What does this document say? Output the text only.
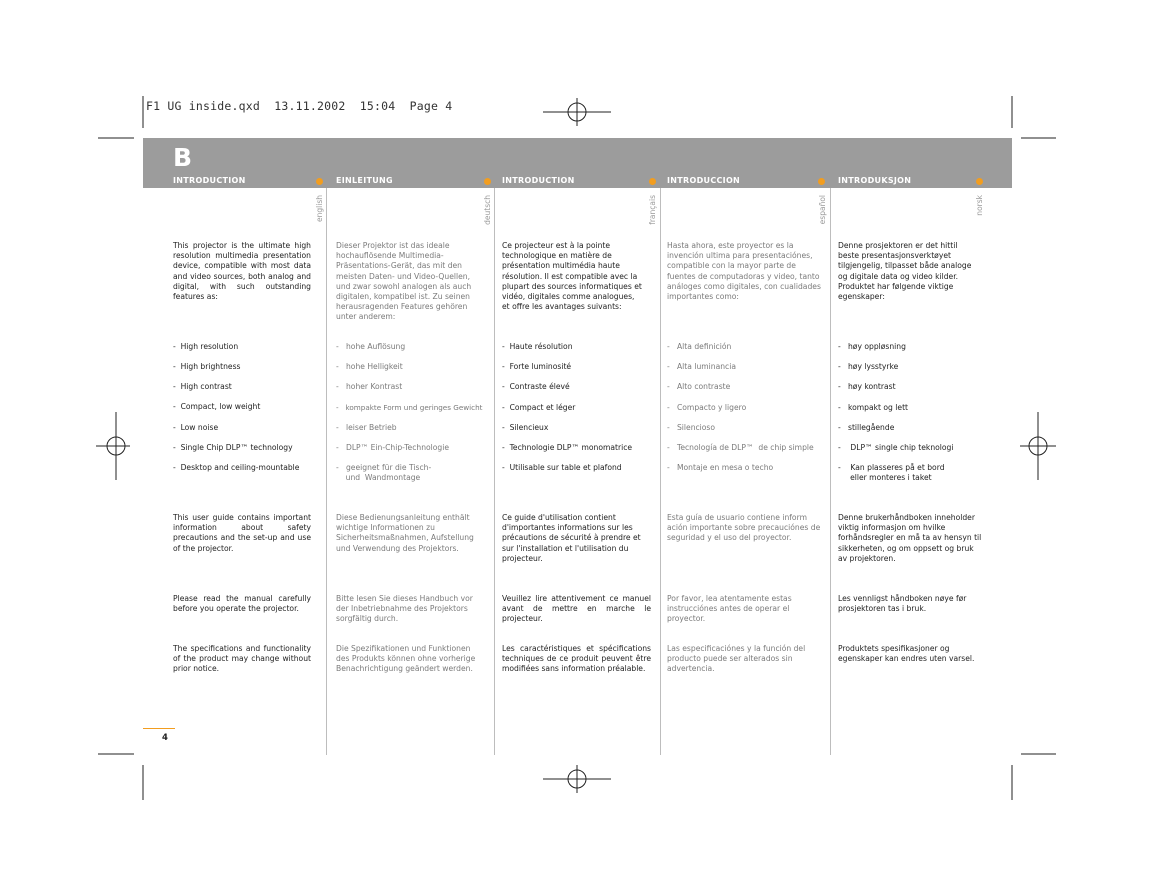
F1 UG inside.qxd  13.11.2002  15:04  Page 4
B
INTRODUCTION	EINLEITUNG	INTRODUCTION	INTRODUCCION	INTRODUKSJON
english	deutsch	français	español	norsk
This projector is the ultimate high resolution multimedia presentation device, compatible with most data and video sources, both analog and digital, with such outstanding features as:
-  High resolution
-  High brightness
-  High contrast
-  Compact, low weight
-  Low noise
-  Single Chip DLP™ technology
-  Desktop and ceiling-mountable
This user guide contains important information about safety precautions and the set-up and use of the projector.
Please read the manual carefully before you operate the projector.
The specifications and functionality of the product may change without prior notice.
Dieser Projektor ist das ideale hochauflösende Multimedia-Präsentations-Gerät, das mit den meisten Daten- und Video-Quellen, und zwar sowohl analogen als auch digitalen, kompatibel ist. Zu seinen herausragenden Features gehören unter anderem:
-   hohe Auflösung
-   hohe Helligkeit
-   hoher Kontrast
-   kompakte Form und geringes Gewicht
-   leiser Betrieb
-   DLP™ Ein-Chip-Technologie
-   geeignet für die Tisch-
und  Wandmontage
Diese Bedienungsanleitung enthält wichtige Informationen zu Sicherheitsmaßnahmen, Aufstellung und Verwendung des Projektors.
Bitte lesen Sie dieses Handbuch vor der Inbetriebnahme des Projektors sorgfältig durch.
Die Spezifikationen und Funktionen des Produkts können ohne vorherige Benachrichtigung geändert werden.
Ce projecteur est à la pointe technologique en matière de présentation multimédia haute résolution. Il est compatible avec la plupart des sources informatiques et vidéo, digitales comme analogues, et offre les avantages suivants:
-  Haute résolution
-  Forte luminosité
-  Contraste élevé
-  Compact et léger
-  Silencieux
-  Technologie DLP™ monomatrice
-  Utilisable sur table et plafond
Ce guide d'utilisation contient d'importantes informations sur les précautions de sécurité à prendre et sur l'installation et l'utilisation du projecteur.
Veuillez lire attentivement ce manuel avant de mettre en marche le projecteur.
Les caractéristiques et spécifications techniques de ce produit peuvent être modifiées sans information préalable.
Hasta ahora, este proyector es la invención ultima para presentaciónes, compatible con la mayor parte de fuentes de computadoras y video, tanto análoges como digitales, con cualidades importantes como:
-   Alta definición
-   Alta luminancia
-   Alto contraste
-   Compacto y ligero
-   Silencioso
-   Tecnología de DLP™  de chip simple
-   Montaje en mesa o techo
Esta guía de usuario contiene inform ación importante sobre precauciónes de seguridad y el uso del proyector.
Por favor, lea atentamente estas instrucciónes antes de operar el proyector.
Las especificaciónes y la función del producto puede ser alterados sin advertencia.
Denne prosjektoren er det hittil beste presentasjonsverktøyet tilgjengelig, tilpasset både analoge og digitale data og video kilder. Produktet har følgende viktige egenskaper:
-   høy oppløsning
-   høy lysstyrke
-   høy kontrast
-   kompakt og lett
-   stillegående
-    DLP™ single chip teknologi
-    Kan plasseres på et bord
eller monteres i taket
Denne brukerhåndboken inneholder viktig informasjon om hvilke forhåndsregler en må ta av hensyn til sikkerheten, og om oppsett og bruk av projektoren.
Les vennligst håndboken nøye før prosjektoren tas i bruk.
Produktets spesifikasjoner og egenskaper kan endres uten varsel.
4
